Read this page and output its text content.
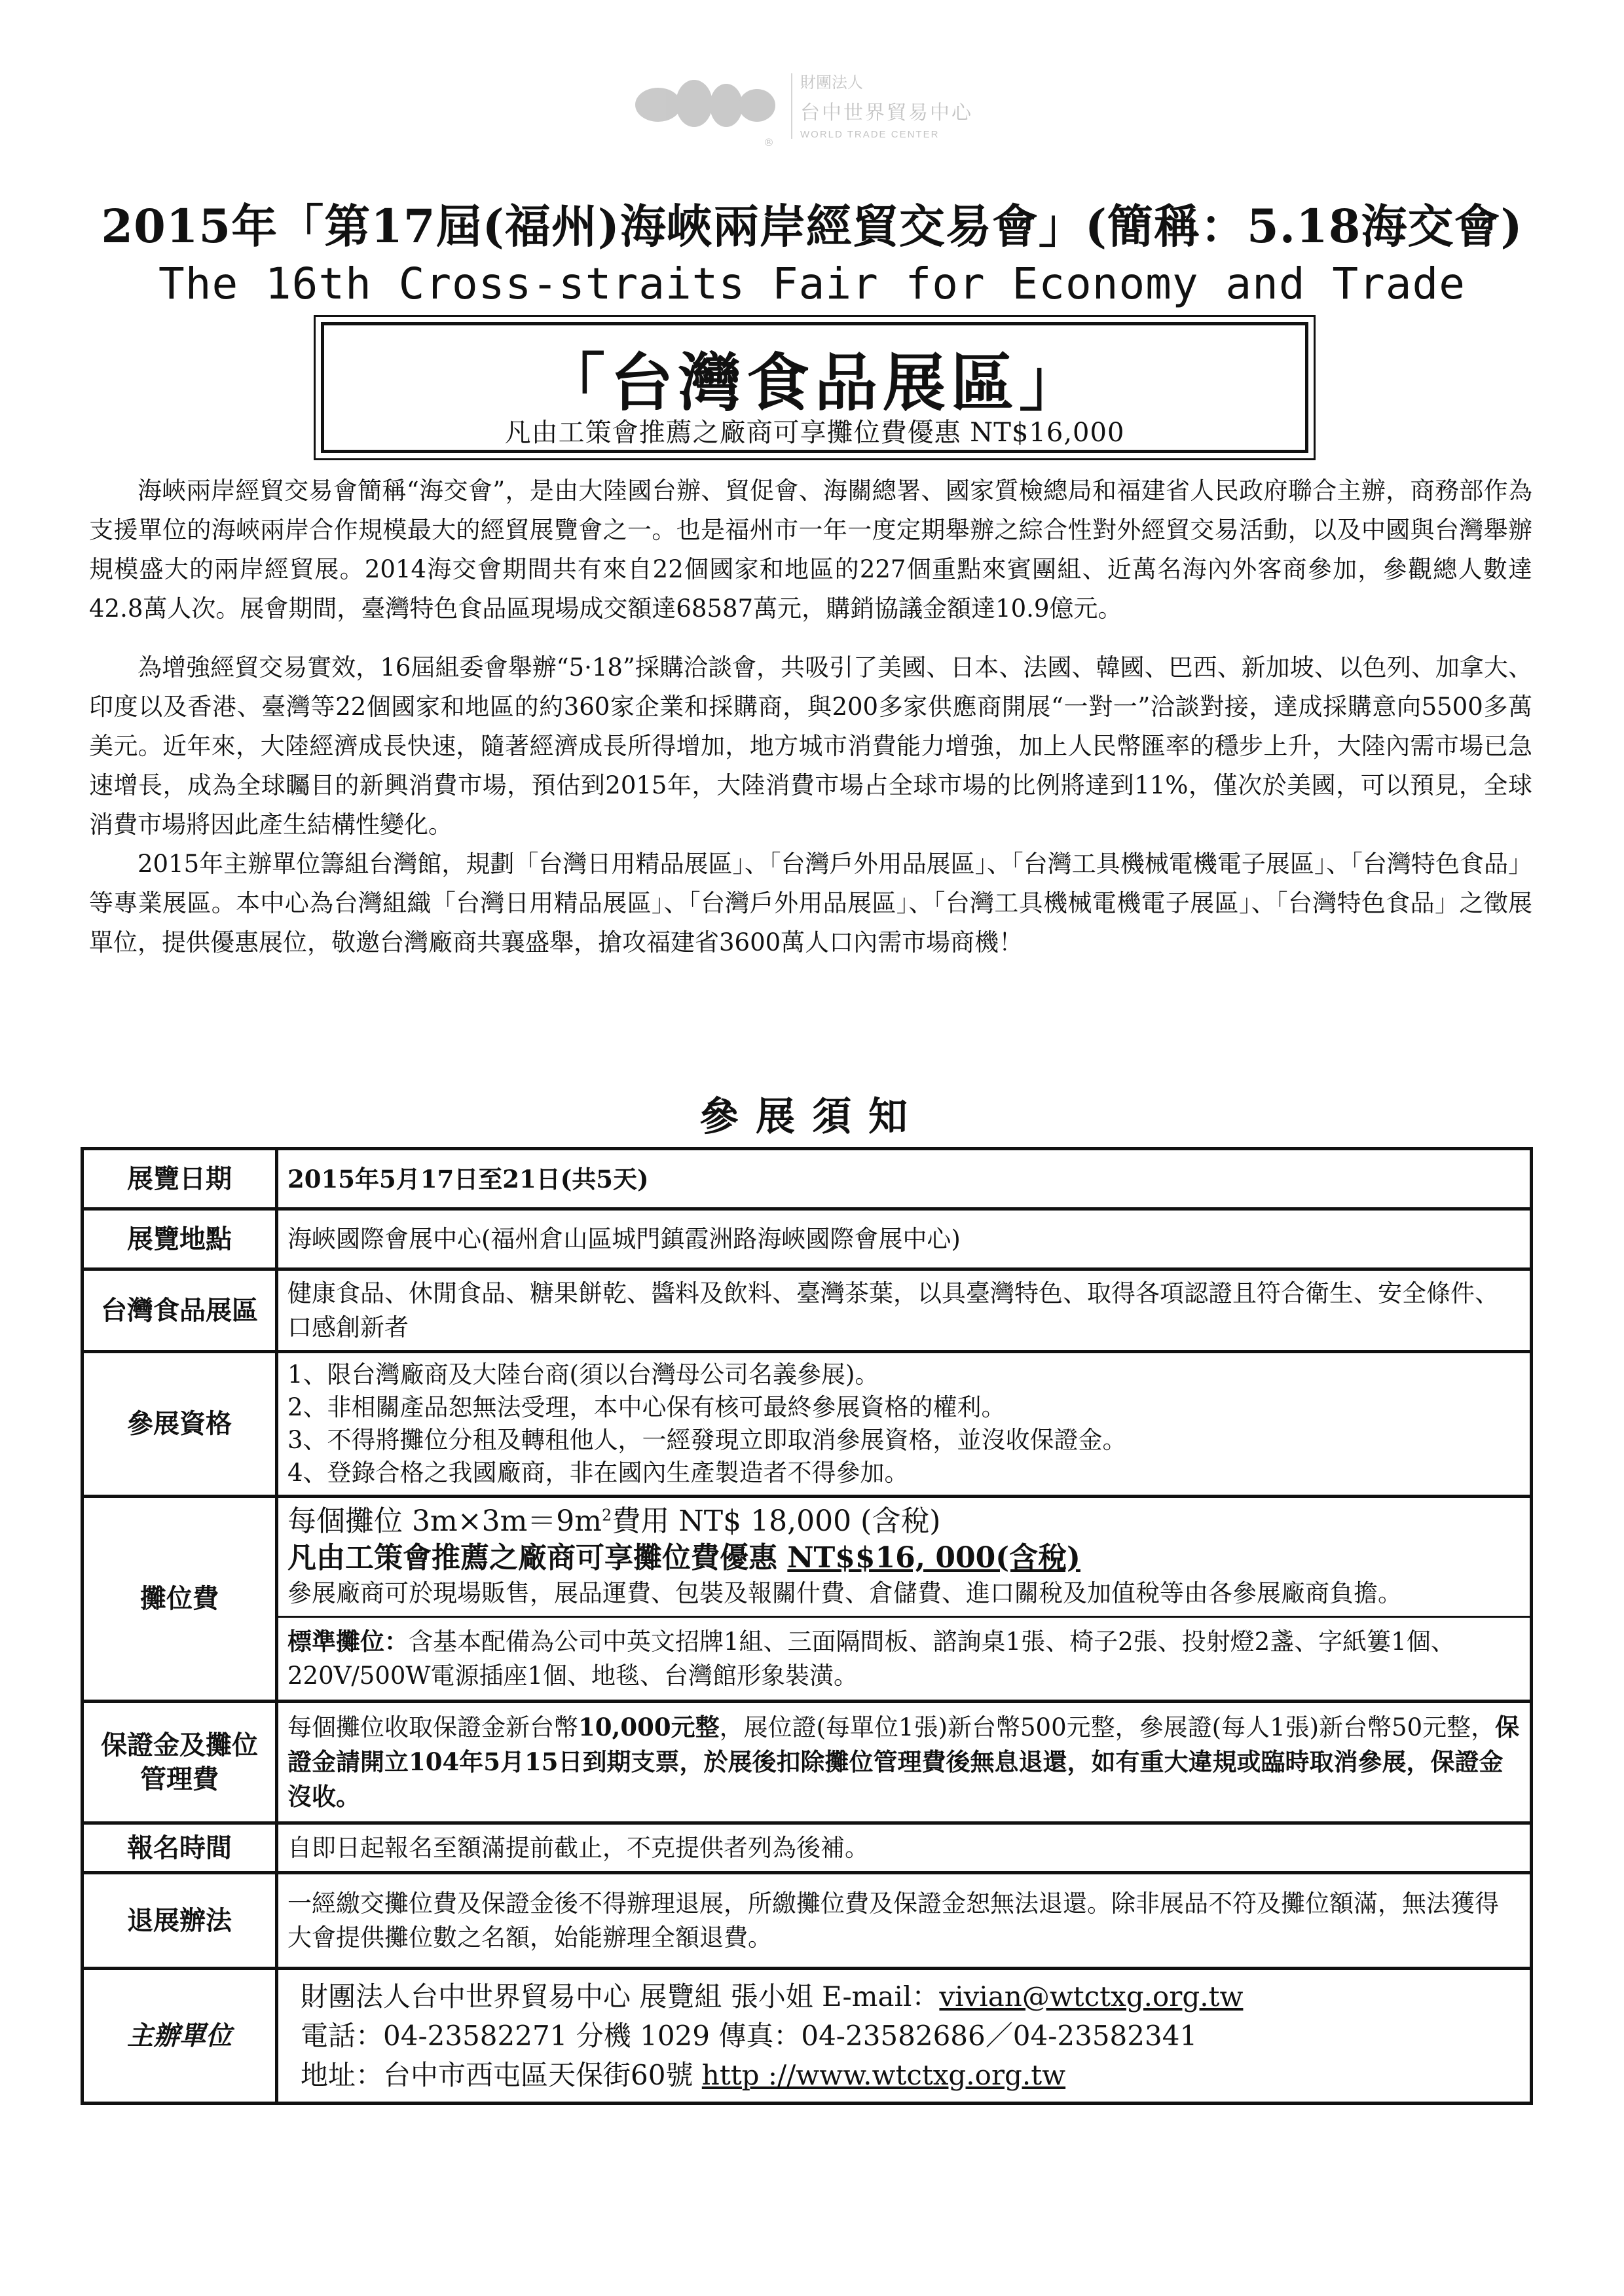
財團法人
台中世界貿易中心
WORLD TRADE CENTER
®
2015年「第17屆(福州)海峽兩岸經貿交易會」(簡稱：5.18海交會)
The 16th Cross-straits Fair for Economy and Trade
「台灣食品展區」
凡由工策會推薦之廠商可享攤位費優惠 NT$16,000

海峽兩岸經貿交易會簡稱“海交會”，是由大陸國台辦、貿促會、海關總署、國家質檢總局和福建省人民政府聯合主辦，商務部作為支援單位的海峽兩岸合作規模最大的經貿展覽會之一。也是福州市一年一度定期舉辦之綜合性對外經貿交易活動，以及中國與台灣舉辦規模盛大的兩岸經貿展。2014海交會期間共有來自22個國家和地區的227個重點來賓團組、近萬名海內外客商參加，參觀總人數達42.8萬人次。展會期間，臺灣特色食品區現場成交額達68587萬元，購銷協議金額達10.9億元。

為增強經貿交易實效，16屆組委會舉辦“5·18”採購洽談會，共吸引了美國、日本、法國、韓國、巴西、新加坡、以色列、加拿大、印度以及香港、臺灣等22個國家和地區的約360家企業和採購商，與200多家供應商開展“一對一”洽談對接，達成採購意向5500多萬美元。近年來，大陸經濟成長快速，隨著經濟成長所得增加，地方城市消費能力增強，加上人民幣匯率的穩步上升，大陸內需市場已急速增長，成為全球矚目的新興消費市場，預估到2015年，大陸消費市場占全球市場的比例將達到11%，僅次於美國，可以預見，全球消費市場將因此產生結構性變化。

2015年主辦單位籌組台灣館，規劃「台灣日用精品展區」、「台灣戶外用品展區」、「台灣工具機械電機電子展區」、「台灣特色食品」等專業展區。本中心為台灣組織「台灣日用精品展區」、「台灣戶外用品展區」、「台灣工具機械電機電子展區」、「台灣特色食品」之徵展單位，提供優惠展位，敬邀台灣廠商共襄盛舉，搶攻福建省3600萬人口內需市場商機！

參展須知
展覽日期	2015年5月17日至21日(共5天)
展覽地點	海峽國際會展中心(福州倉山區城門鎮霞洲路海峽國際會展中心)
台灣食品展區	健康食品、休閒食品、糖果餅乾、醬料及飲料、臺灣茶葉，以具臺灣特色、取得各項認證且符合衛生、安全條件、口感創新者
參展資格	1、限台灣廠商及大陸台商(須以台灣母公司名義參展)。
2、非相關產品恕無法受理，本中心保有核可最終參展資格的權利。
3、不得將攤位分租及轉租他人，一經發現立即取消參展資格，並沒收保證金。
4、登錄合格之我國廠商，非在國內生產製造者不得參加。

攤位費	每個攤位 $3m\times 3m=9m^2$費用 NT$ 18,000 (含稅)
凡由工策會推薦之廠商可享攤位費優惠 NT$$16, 000(含稅)
參展廠商可於現場販售，展品運費、包裝及報關什費、倉儲費、進口關稅及加值稅等由各參展廠商負擔。
標準攤位：含基本配備為公司中英文招牌1組、三面隔間板、諮詢桌1張、椅子2張、投射燈2盞、字紙簍1個、220V/500W電源插座1個、地毯、台灣館形象裝潢。

保證金及攤位管理費	每個攤位收取保證金新台幣10,000元整，展位證(每單位1張)新台幣500元整，參展證(每人1張)新台幣50元整，保證金請開立104年5月15日到期支票，於展後扣除攤位管理費後無息退還，如有重大違規或臨時取消參展，保證金沒收。
報名時間	自即日起報名至額滿提前截止，不克提供者列為後補。
退展辦法	一經繳交攤位費及保證金後不得辦理退展，所繳攤位費及保證金恕無法退還。除非展品不符及攤位額滿，無法獲得大會提供攤位數之名額，始能辦理全額退費。
主辦單位	財團法人台中世界貿易中心 展覽組 張小姐 E-mail：vivian@wtctxg.org.tw
電話：04-23582271 分機 1029 傳真：04-23582686／04-23582341
地址：台中市西屯區天保街60號 http ://www.wtctxg.org.tw
